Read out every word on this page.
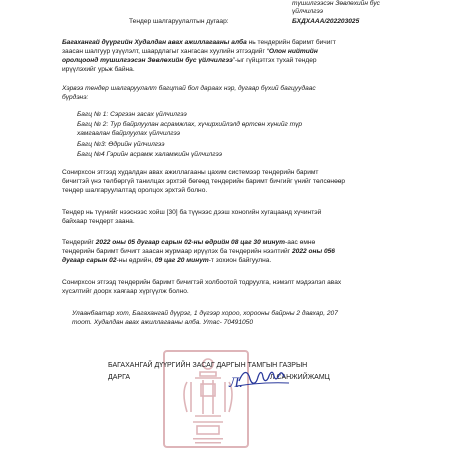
түшилгээсэн Зөвлөхийн бус
үйлчилгээ
Тендер шалгаруулалтын дугаар:	БХДХААА/202203025

Багахангай дүүргийн Худалдан авах ажиллагааны алба нь тендерийн баримт бичигт

заасан шалгуур үзүүлэлт, шаардлагыг хангасан хуулийн этгээдийг “Олон нийтийн

оролцоонд тушилгээсэн Зөвлөхийн бус үйлчилгээ”-ыг гүйцэтгэх тухай тендер

ирүүлэхийг урьж байна.

Хэрвээ тендер шалгаруулалт багцтай бол дараах нэр, дугаар бүхий багцуудаас

бүрдэнэ:

Багц № 1: Сэргээн засах үйлчилгээ

Багц № 2: Тур байрлуулан асрамжлах, хүчирхийлэлд өртсөн хүнийг түр

хамгаалан байрлуулах үйлчилгээ

Багц №3: Өдрийн үйлчилгээ

Багц №4 Гэрийн асрамж халамжийн үйлчилгээ

Сонирхсон этгээд худалдан авах ажиллагааны цахим системээр тендерийн баримт

бичигтэй үнэ төлбөргүй танилцах эрхтэй бөгөөд тендерийн баримт бичгийг үнийг төлсөнөөр

тендер шалгаруулалтад оролцох эрхтэй болно.

Тендер нь түүнийг нээснээс хойш [30] ба түүнээс дээш хоногийн хугацаанд хүчинтэй

байхаар тендерт заана.

Тендерийг 2022 оны 05 дугаар сарын 02-ны өдрийн 08 цаг 30 минут-аас өмнө

тендерийн баримт бичигт заасан журмаар ирүүлэх ба тендерийн нээлтийг 2022 оны 056

дугаар сарын 02-ны өдрийн, 09 цаг 20 минут-т зохион байгуулна.

Сонирхсон этгээд тендерийн баримт бичигтэй холбоотой тодруулга, нэмэлт мэдээлэл авах

хүсэлтийг доорх хаягаар хүргүүлж болно.

Улаанбаатар хот, Багахангай дүүрэг, 1 дүгээр хороо, хорооны байрны 2 давхар, 207

тоот. Худалдан авах ажиллагааны алба. Утас- 70491050

БАГАХАНГАЙ ДҮҮРГИЙН ЗАСАГ ДАРГЫН ТАМГЫН ГАЗРЫН
ДАРГА	Л.САНЖИЙЖАМЦ
Л.
